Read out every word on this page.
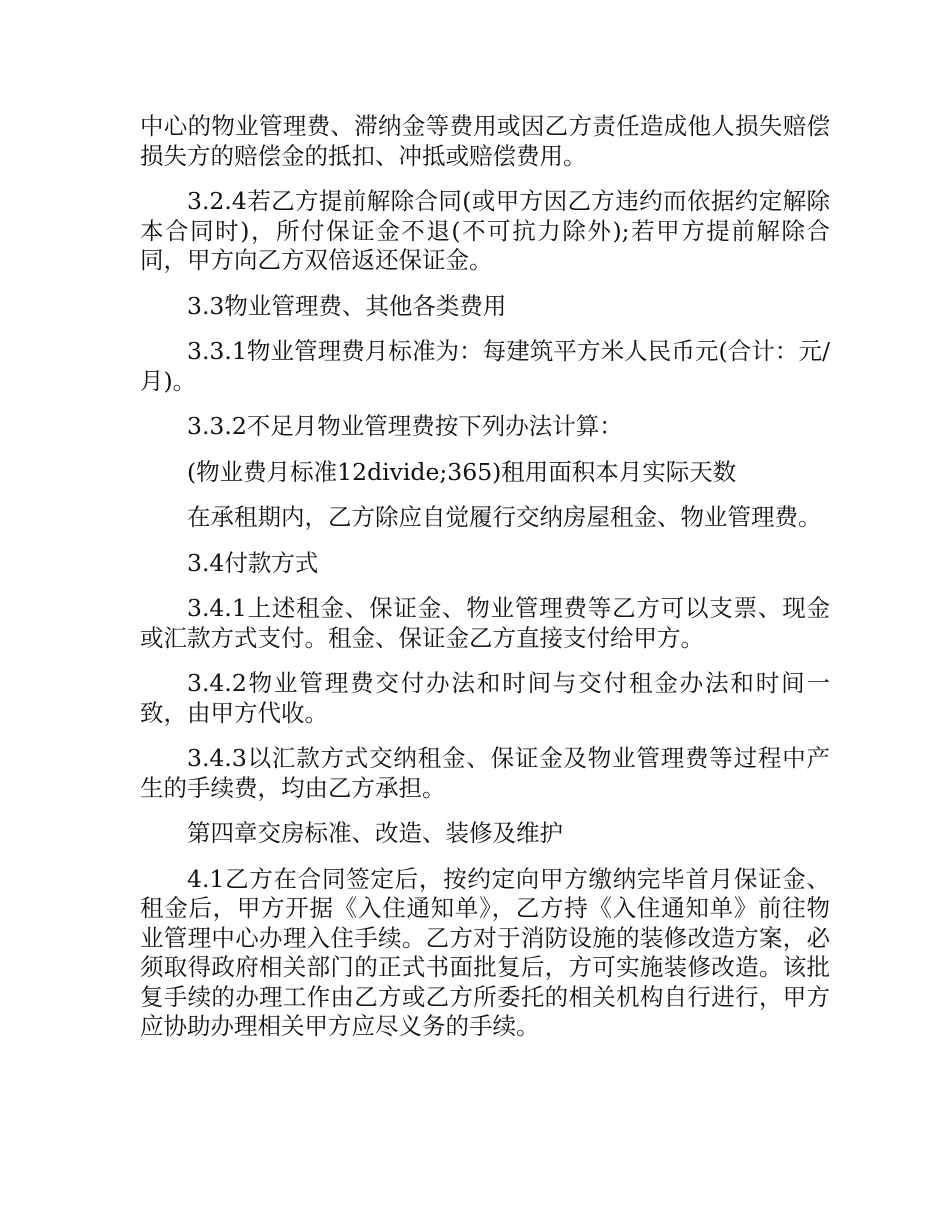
中心的物业管理费、滞纳金等费用或因乙方责任造成他人损失赔偿损失方的赔偿金的抵扣、冲抵或赔偿费用。

3.2.4若乙方提前解除合同(或甲方因乙方违约而依据约定解除本合同时)，所付保证金不退(不可抗力除外);若甲方提前解除合同，甲方向乙方双倍返还保证金。

3.3物业管理费、其他各类费用

3.3.1物业管理费月标准为：每建筑平方米人民币元(合计：元/月)。

3.3.2不足月物业管理费按下列办法计算：

(物业费月标准12divide;365)租用面积本月实际天数

在承租期内，乙方除应自觉履行交纳房屋租金、物业管理费。

3.4付款方式

3.4.1上述租金、保证金、物业管理费等乙方可以支票、现金或汇款方式支付。租金、保证金乙方直接支付给甲方。

3.4.2物业管理费交付办法和时间与交付租金办法和时间一致，由甲方代收。

3.4.3以汇款方式交纳租金、保证金及物业管理费等过程中产生的手续费，均由乙方承担。

第四章交房标准、改造、装修及维护

4.1乙方在合同签定后，按约定向甲方缴纳完毕首月保证金、租金后，甲方开据《入住通知单》，乙方持《入住通知单》前往物业管理中心办理入住手续。乙方对于消防设施的装修改造方案，必须取得政府相关部门的正式书面批复后，方可实施装修改造。该批复手续的办理工作由乙方或乙方所委托的相关机构自行进行，甲方应协助办理相关甲方应尽义务的手续。
